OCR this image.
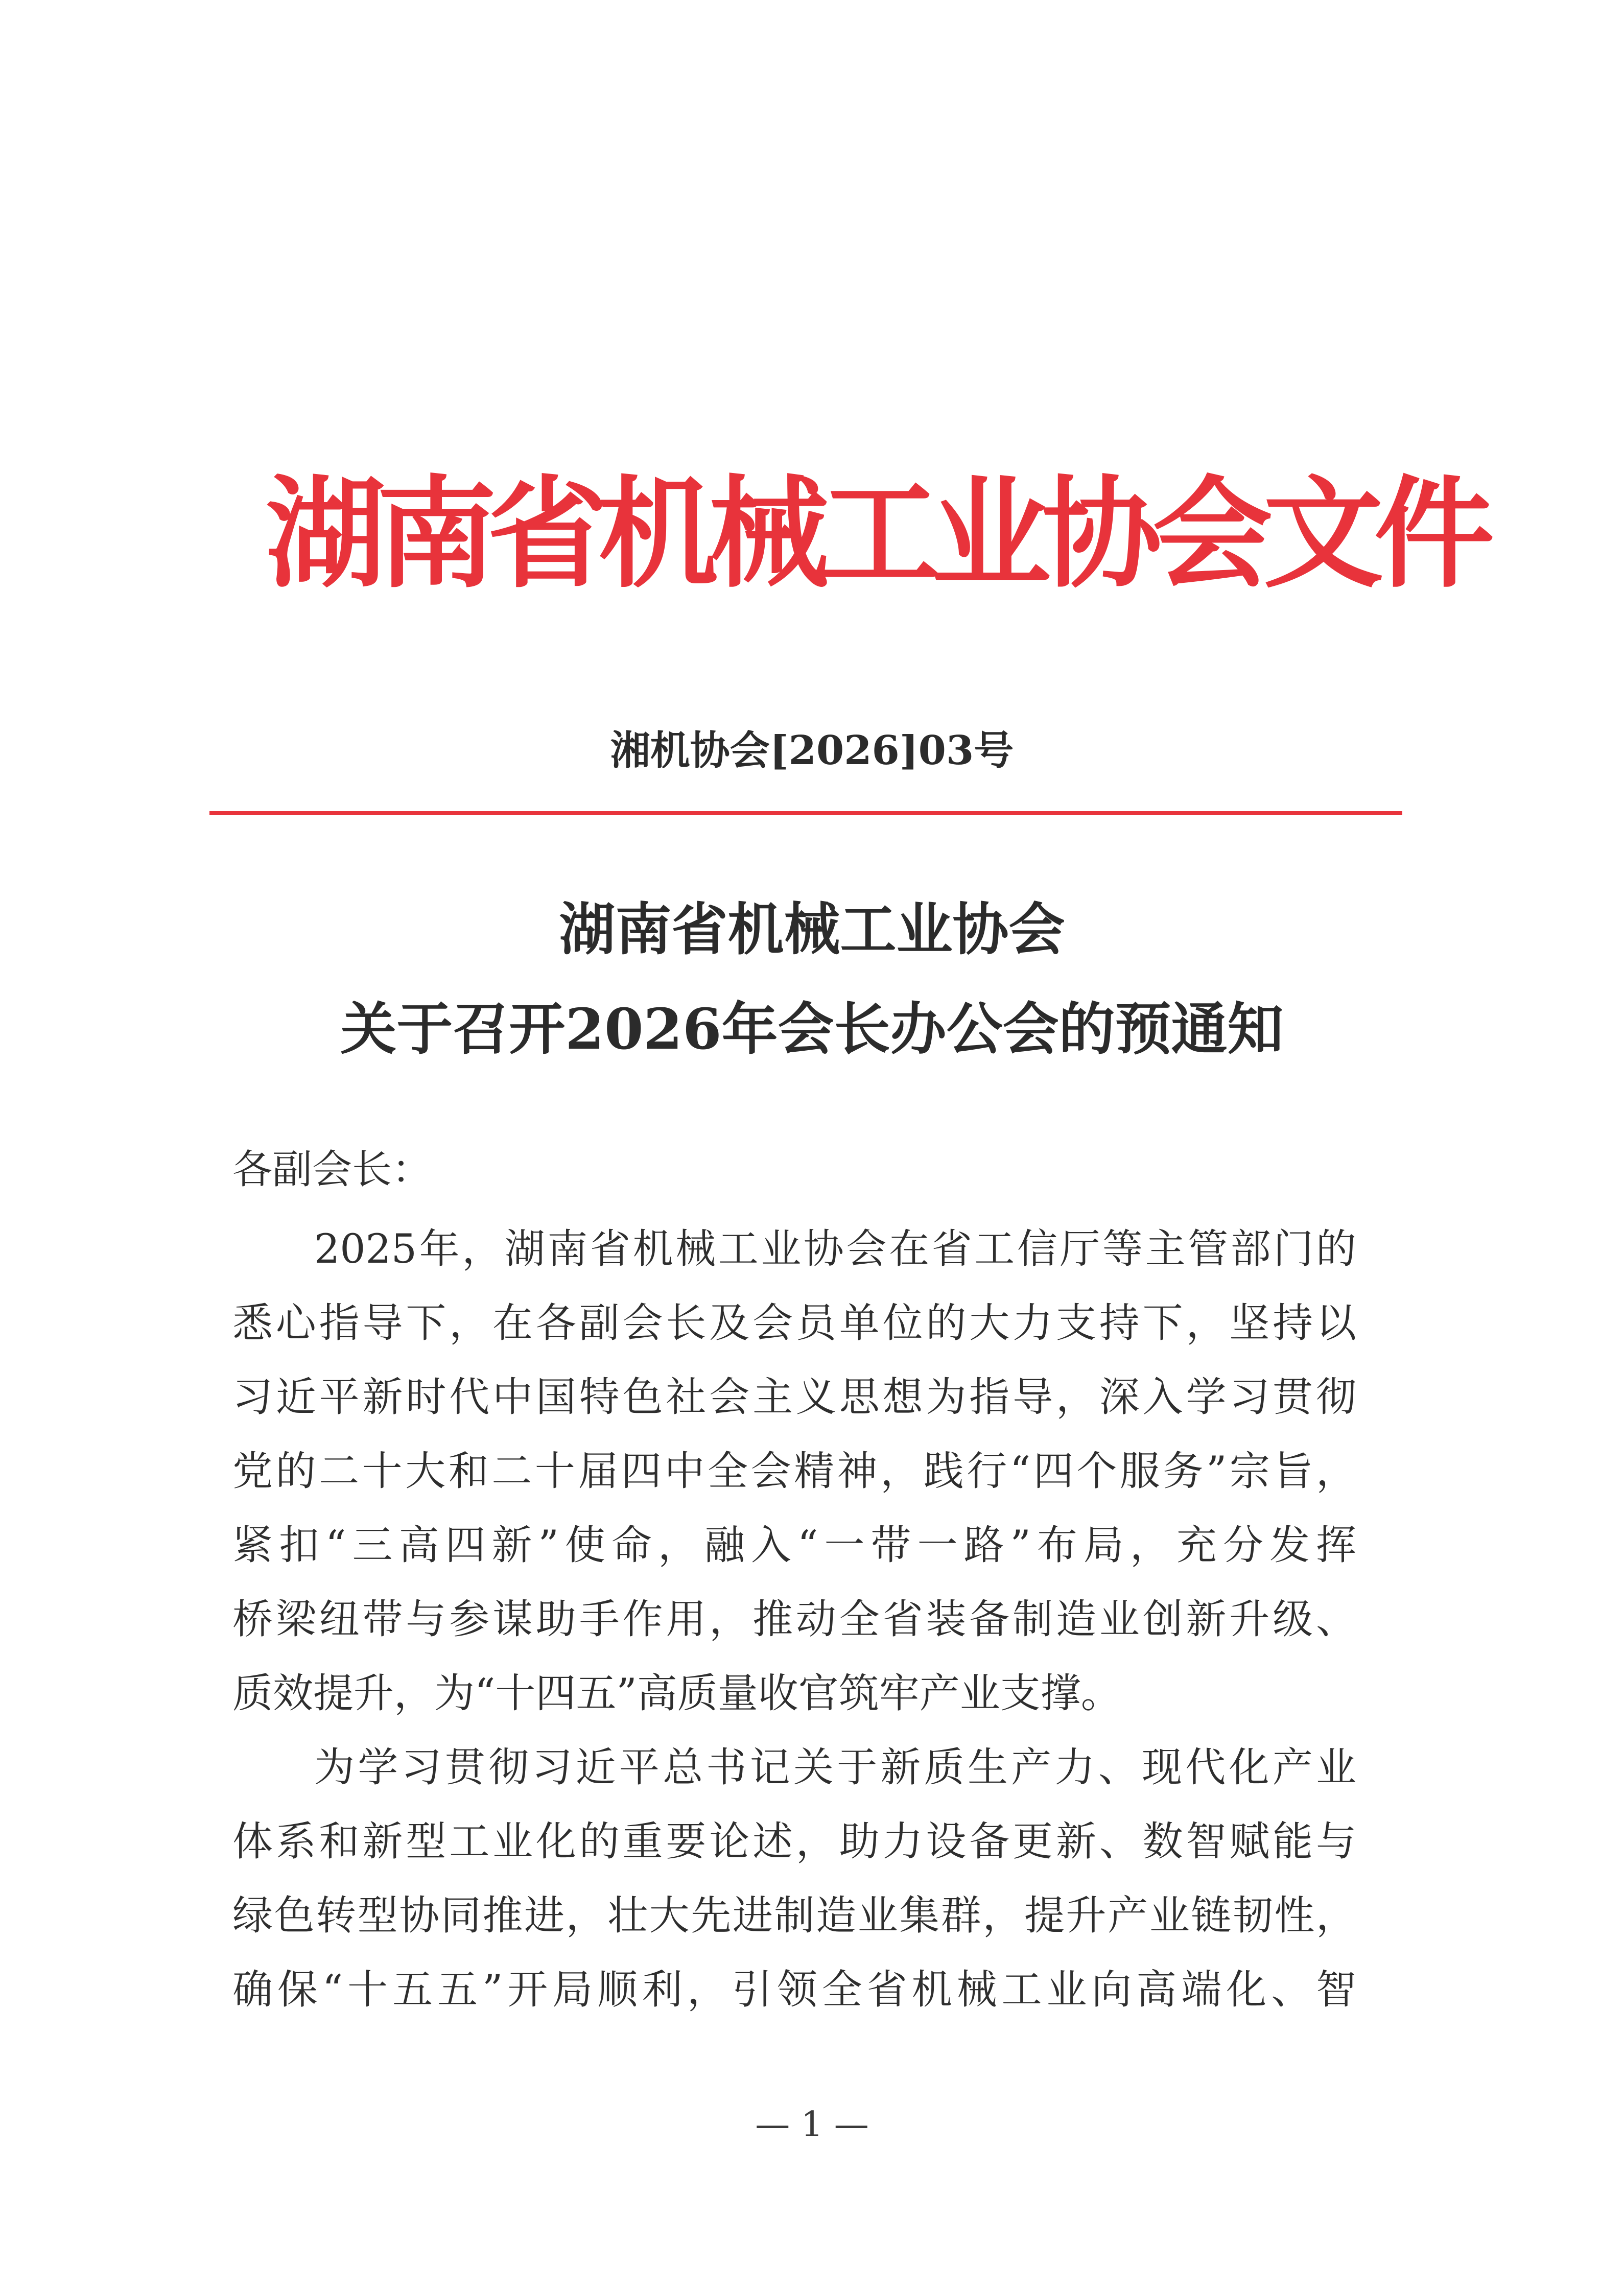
湖南省机械工业协会文件
湘机协会[2026]03号
湖南省机械工业协会
关于召开2026年会长办公会的预通知
各副会长：
2025年，湖南省机械工业协会在省工信厅等主管部门的
悉心指导下，在各副会长及会员单位的大力支持下，坚持以
习近平新时代中国特色社会主义思想为指导，深入学习贯彻
党的二十大和二十届四中全会精神，践行“四个服务”宗旨，
紧扣“三高四新”使命，融入“一带一路”布局，充分发挥
桥梁纽带与参谋助手作用，推动全省装备制造业创新升级、
质效提升，为“十四五”高质量收官筑牢产业支撑。
为学习贯彻习近平总书记关于新质生产力、现代化产业
体系和新型工业化的重要论述，助力设备更新、数智赋能与
绿色转型协同推进，壮大先进制造业集群，提升产业链韧性，
确保“十五五”开局顺利，引领全省机械工业向高端化、智
— 1 —
